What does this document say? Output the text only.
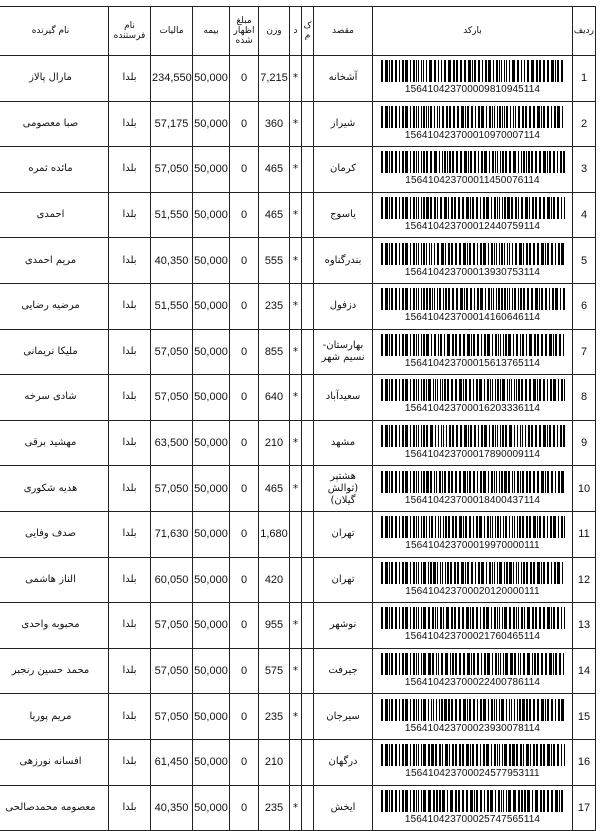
ردیف	بارکد	مقصد	ک م	د	وزن	مبلغ اظهار شده	بیمه	مالیات	نام فرستنده	نام گیرنده
1	156410423700009810945114	آشخانه		*	7,215	0	50,000	234,550	بلدا	مارال پالاز
2	156410423700010970007114	شیراز		*	360	0	50,000	57,175	بلدا	صبا معصومی
3	156410423700011450076114	کرمان		*	465	0	50,000	57,050	بلدا	مائده ثمره
4	156410423700012440759114	یاسوج		*	465	0	50,000	51,550	بلدا	احمدی
5	156410423700013930753114	بندرگناوه		*	555	0	50,000	40,350	بلدا	مریم احمدی
6	156410423700014160646114	دزفول		*	235	0	50,000	51,550	بلدا	مرضیه رضایی
7	156410423700015613765114	بهارستان- نسیم شهر		*	855	0	50,000	57,050	بلدا	ملیکا نریمانی
8	156410423700016203336114	سعیدآباد		*	640	0	50,000	57,050	بلدا	شادی سرخه
9	156410423700017890009114	مشهد		*	210	0	50,000	63,500	بلدا	مهشید برقی
10	156410423700018400437114	هشتپر (توالش گیلان)		*	465	0	50,000	57,050	بلدا	هدیه شکوری
11	156410423700019970000111	تهران			1,680	0	50,000	71,630	بلدا	صدف وفایی
12	156410423700020120000111	تهران			420	0	50,000	60,050	بلدا	الناز هاشمی
13	156410423700021760465114	نوشهر		*	955	0	50,000	57,050	بلدا	محبوبه واحدی
14	156410423700022400786114	جیرفت		*	575	0	50,000	57,050	بلدا	محمد حسین رنجبر
15	156410423700023930078114	سیرجان		*	235	0	50,000	57,050	بلدا	مریم پوریا
16	156410423700024577953111	درگهان			210	0	50,000	61,450	بلدا	افسانه نورزهی
17	156410423700025747565114	ایخش		*	235	0	50,000	40,350	بلدا	معصومه محمدصالحی
